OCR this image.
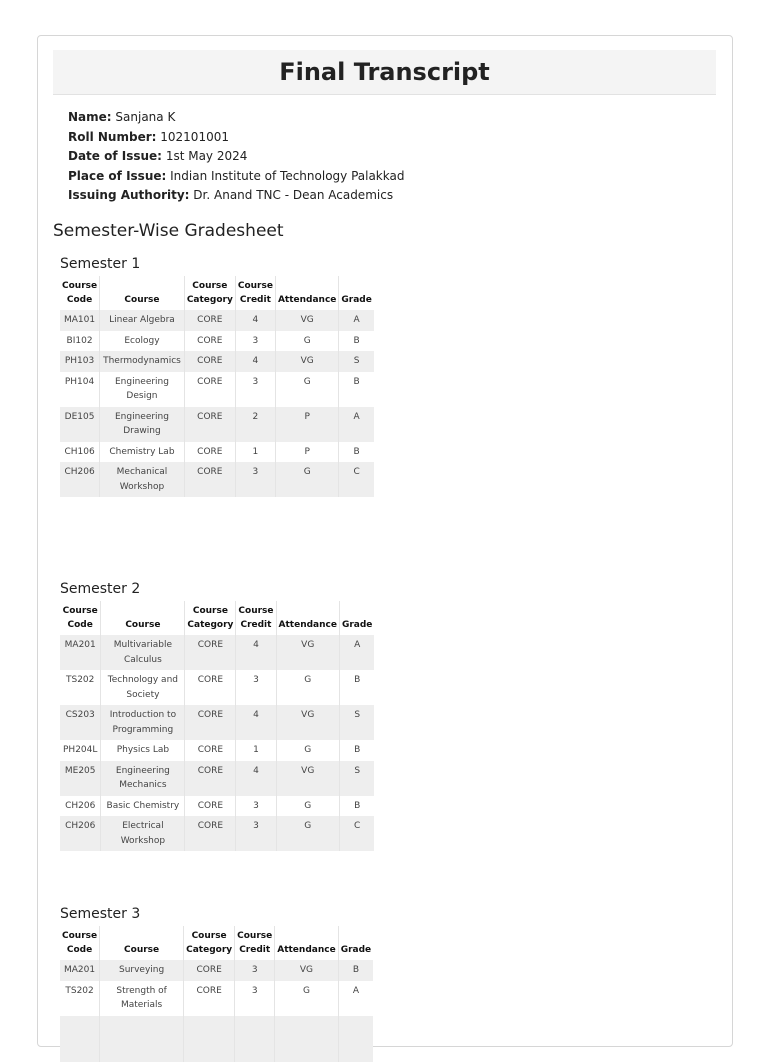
Final Transcript
Name: Sanjana K
Roll Number: 102101001
Date of Issue: 1st May 2024
Place of Issue: Indian Institute of Technology Palakkad
Issuing Authority: Dr. Anand TNC - Dean Academics
Semester-Wise Gradesheet
Semester 1
Course Code	Course	Course Category	Course Credit	Attendance	Grade
MA101	Linear Algebra	CORE	4	VG	A
BI102	Ecology	CORE	3	G	B
PH103	Thermodynamics	CORE	4	VG	S
PH104	Engineering Design	CORE	3	G	B
DE105	Engineering Drawing	CORE	2	P	A
CH106	Chemistry Lab	CORE	1	P	B
CH206	Mechanical Workshop	CORE	3	G	C
Semester 2
Course Code	Course	Course Category	Course Credit	Attendance	Grade
MA201	Multivariable Calculus	CORE	4	VG	A
TS202	Technology and Society	CORE	3	G	B
CS203	Introduction to Programming	CORE	4	VG	S
PH204L	Physics Lab	CORE	1	G	B
ME205	Engineering Mechanics	CORE	4	VG	S
CH206	Basic Chemistry	CORE	3	G	B
CH206	Electrical Workshop	CORE	3	G	C
Semester 3
Course Code	Course	Course Category	Course Credit	Attendance	Grade
MA201	Surveying	CORE	3	VG	B
TS202	Strength of Materials	CORE	3	G	A
